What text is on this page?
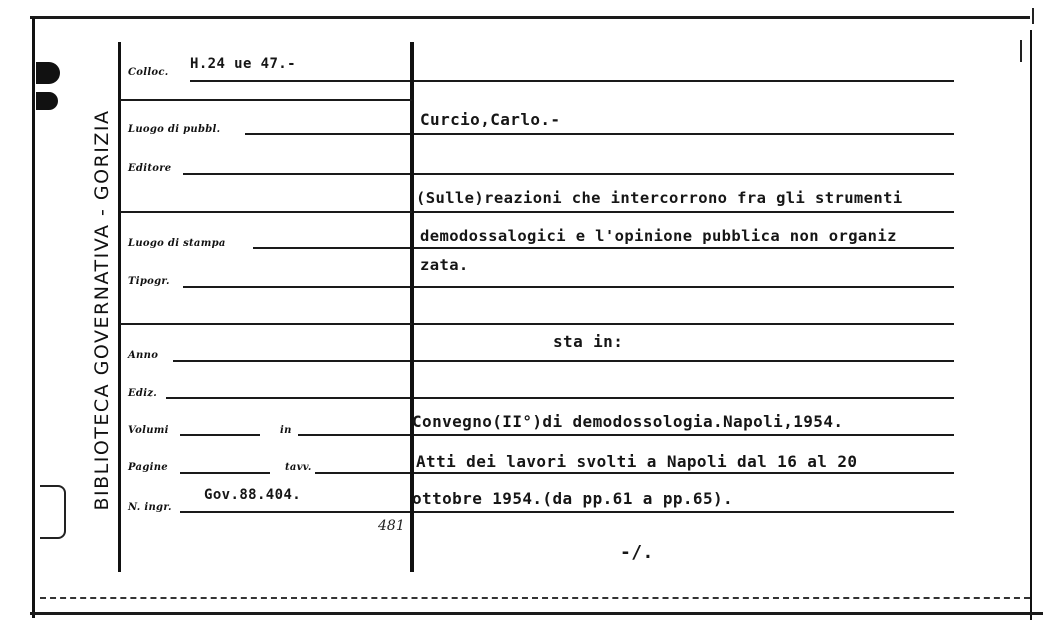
BIBLIOTECA GOVERNATIVA - GORIZIA
Collоc.
H.24 ue 47.-
Luogo di pubbl.
Editore
Luogo di stampa
Tipogr.
Anno
Ediz.
Volumi	in
Pagine	tavv.
N. ingr.
Gov.88.404.
481
Curcio,Carlo.-
(Sulle)reazioni che intercorrono fra gli strumenti
demodossalogici e l'opinione pubblica non organiz
zata.
sta in:
Convegno(II°)di demodossologia.Napoli,1954.
Atti dei lavori svolti a Napoli dal 16 al 20
ottobre 1954.(da pp.61 a pp.65).
-/.
